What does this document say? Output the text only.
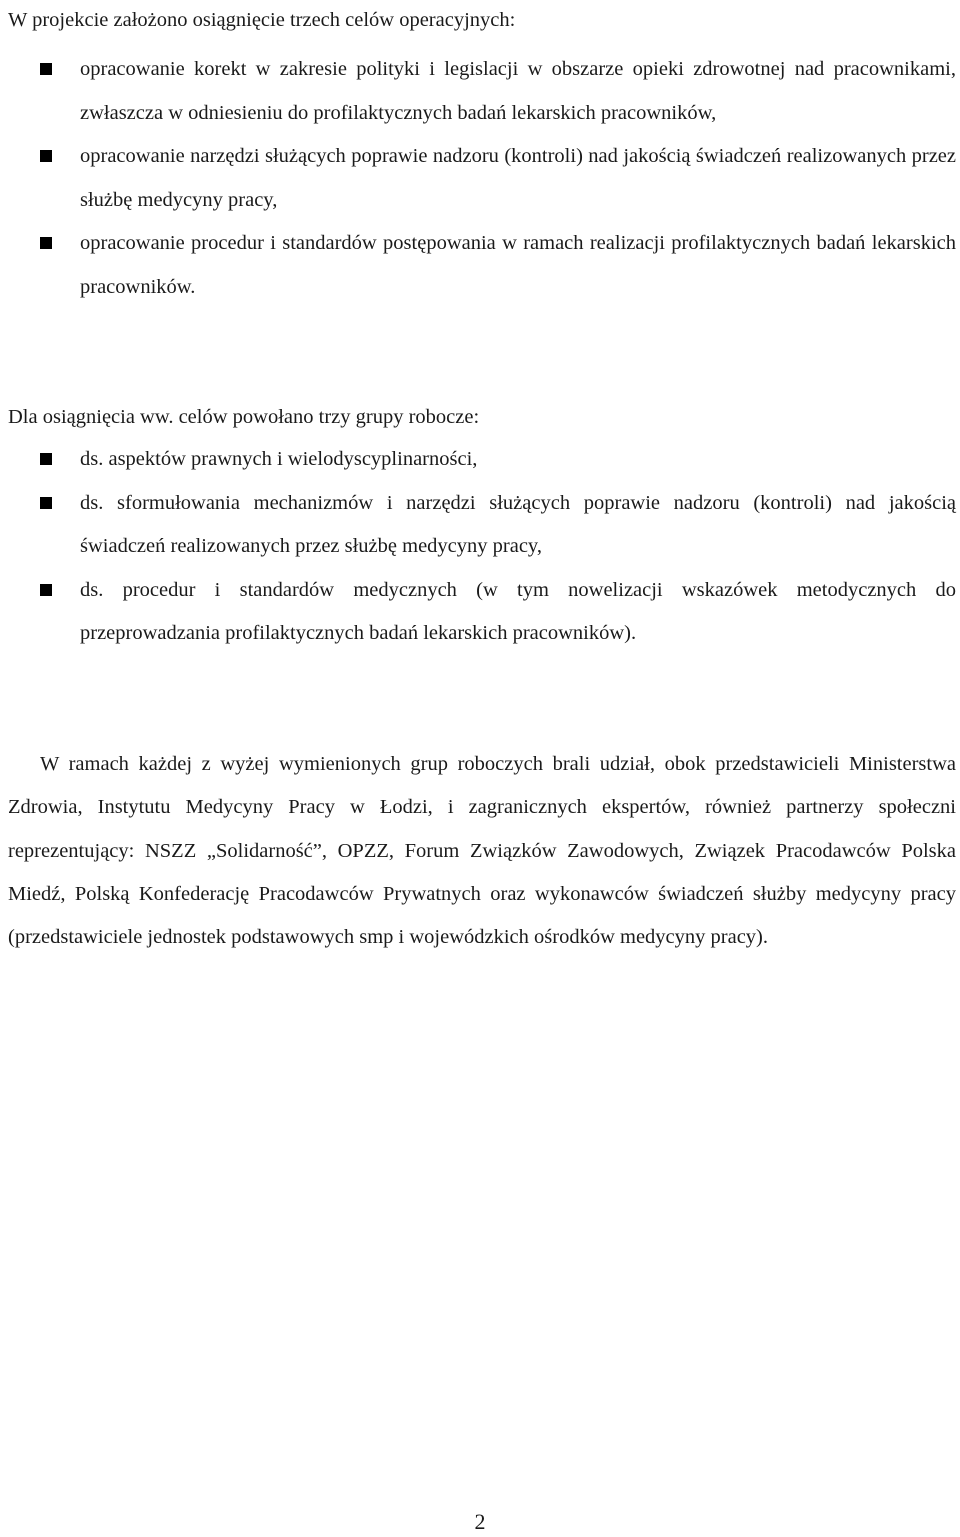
W projekcie założono osiągnięcie trzech celów operacyjnych:
opracowanie korekt w zakresie polityki i legislacji w obszarze opieki zdrowotnej nad pracownikami, zwłaszcza w odniesieniu do profilaktycznych badań lekarskich pracowników,
opracowanie narzędzi służących poprawie nadzoru (kontroli) nad jakością świadczeń realizowanych przez służbę medycyny pracy,
opracowanie procedur i standardów postępowania w ramach realizacji profilaktycznych badań lekarskich pracowników.
Dla osiągnięcia ww. celów powołano trzy grupy robocze:
ds. aspektów prawnych i wielodyscyplinarności,
ds. sformułowania mechanizmów i narzędzi służących poprawie nadzoru (kontroli) nad jakością świadczeń realizowanych przez służbę medycyny pracy,
ds. procedur i standardów medycznych (w tym nowelizacji wskazówek metodycznych do przeprowadzania profilaktycznych badań lekarskich pracowników).
W ramach każdej z wyżej wymienionych grup roboczych brali udział, obok przedstawicieli Ministerstwa Zdrowia, Instytutu Medycyny Pracy w Łodzi, i zagranicznych ekspertów, również partnerzy społeczni reprezentujący: NSZZ „Solidarność”, OPZZ, Forum Związków Zawodowych, Związek Pracodawców Polska Miedź, Polską Konfederację Pracodawców Prywatnych oraz wykonawców świadczeń służby medycyny pracy (przedstawiciele jednostek podstawowych smp i wojewódzkich ośrodków medycyny pracy).
2
